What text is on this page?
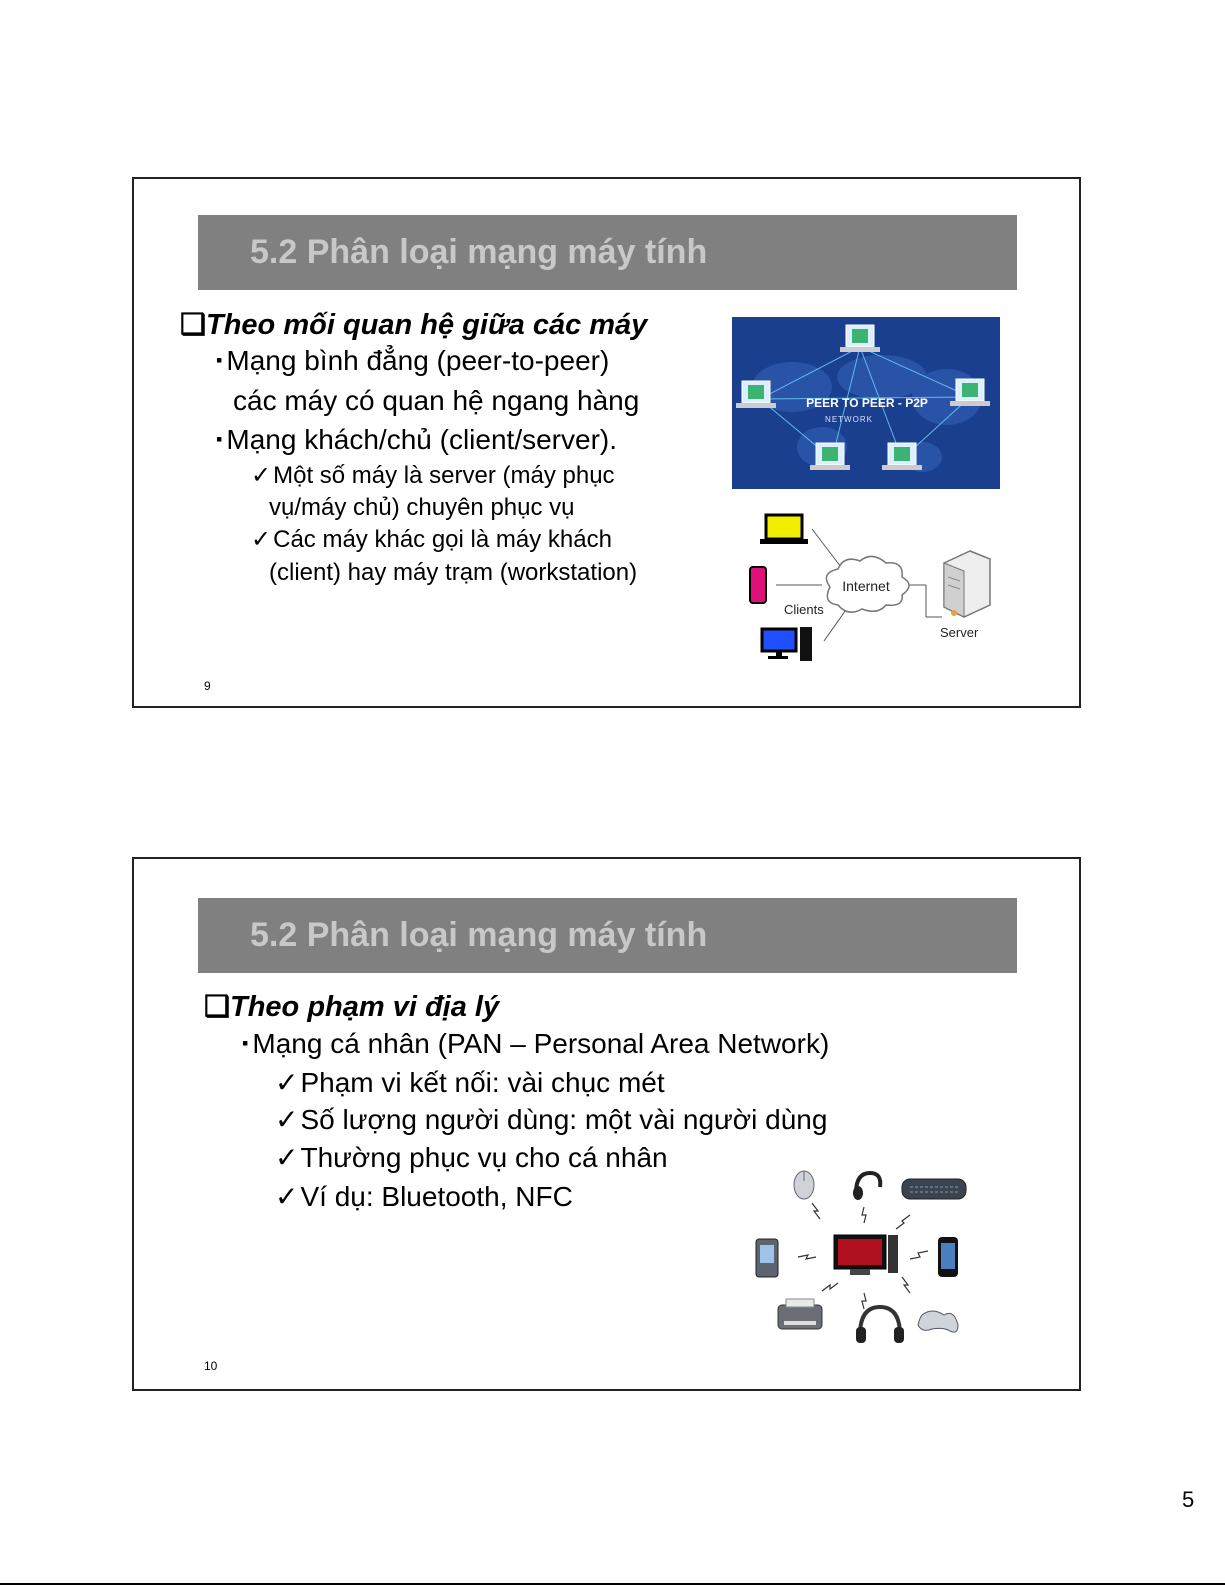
5.2 Phân loại mạng máy tính
❑Theo mối quan hệ giữa các máy
▪ Mạng bình đẳng (peer-to-peer)
các máy có quan hệ ngang hàng
▪ Mạng khách/chủ (client/server).
✓Một số máy là server (máy phục
vụ/máy chủ) chuyên phục vụ
✓Các máy khác gọi là máy khách
(client) hay máy trạm (workstation)
PEER TO PEER - P2P
NETWORK
Clients
Internet
Server
9
5.2 Phân loại mạng máy tính
❑Theo phạm vi địa lý
▪ Mạng cá nhân (PAN – Personal Area Network)
✓Phạm vi kết nối: vài chục mét
✓Số lượng người dùng: một vài người dùng
✓Thường phục vụ cho cá nhân
✓Ví dụ: Bluetooth, NFC
10
5
